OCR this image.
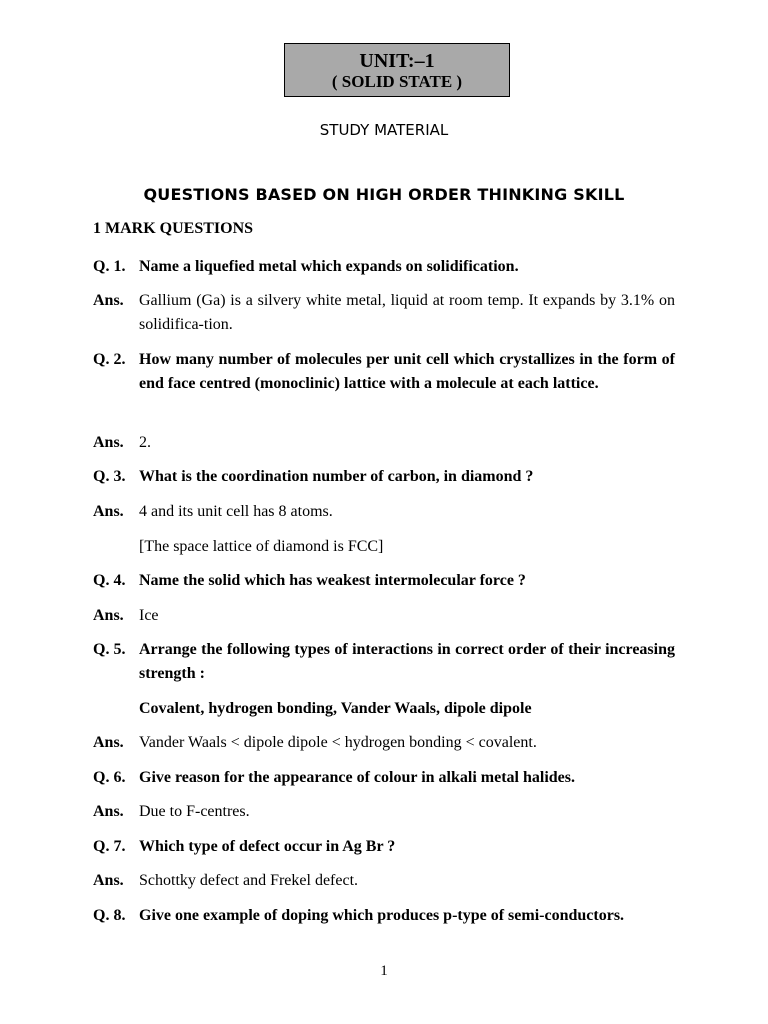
UNIT:–1
( SOLID STATE )
STUDY MATERIAL
QUESTIONS BASED ON HIGH ORDER THINKING SKILL
1 MARK QUESTIONS
Q. 1. Name a liquefied metal which expands on solidification.
Ans. Gallium (Ga) is a silvery white metal, liquid at room temp. It expands by 3.1% on solidifica-tion.
Q. 2. How many number of molecules per unit cell which crystallizes in the form of end face centred (monoclinic) lattice with a molecule at each lattice.
Ans. 2.
Q. 3. What is the coordination number of carbon, in diamond ?
Ans. 4 and its unit cell has 8 atoms.
[The space lattice of diamond is FCC]
Q. 4. Name the solid which has weakest intermolecular force ?
Ans. Ice
Q. 5. Arrange the following types of interactions in correct order of their increasing strength :
Covalent, hydrogen bonding, Vander Waals, dipole dipole
Ans. Vander Waals < dipole dipole < hydrogen bonding < covalent.
Q. 6. Give reason for the appearance of colour in alkali metal halides.
Ans. Due to F-centres.
Q. 7. Which type of defect occur in Ag Br ?
Ans. Schottky defect and Frekel defect.
Q. 8. Give one example of doping which produces p-type of semi-conductors.
1
